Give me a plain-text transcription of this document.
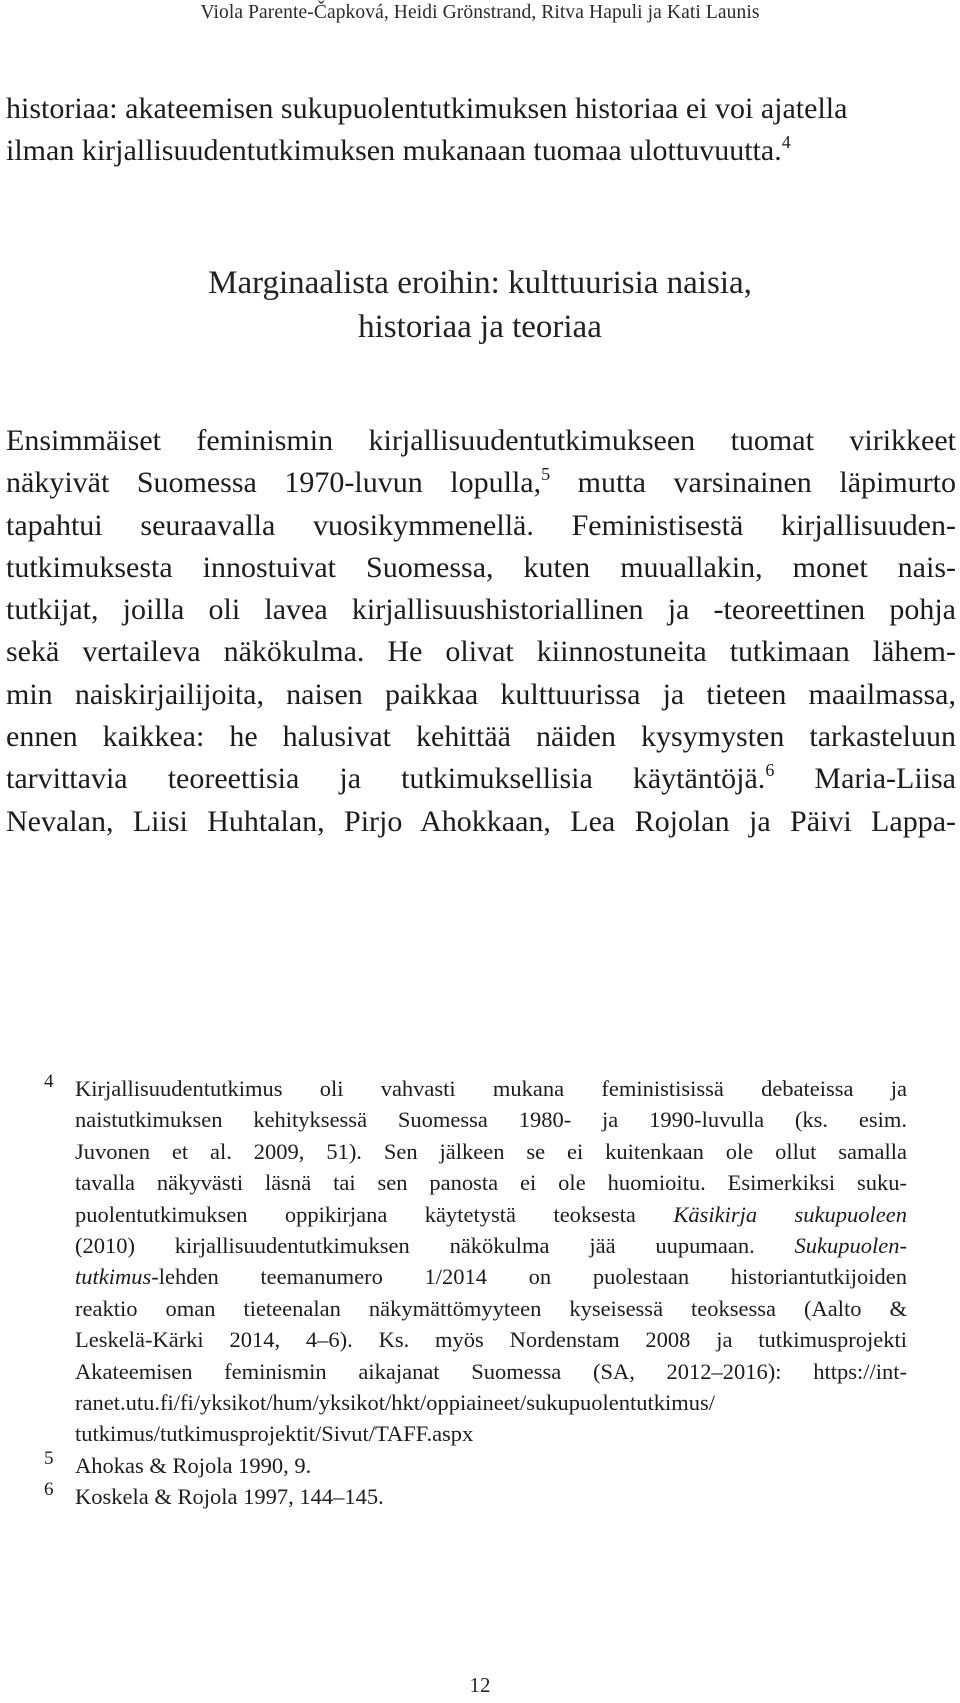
Viola Parente-Čapková, Heidi Grönstrand, Ritva Hapuli ja Kati Launis

historiaa: akateemisen sukupuolentutkimuksen historiaa ei voi ajatella
ilman kirjallisuudentutkimuksen mukanaan tuomaa ulottuvuutta.$^4$

Marginaalista eroihin: kulttuurisia naisia,
historiaa ja teoriaa

Ensimmäiset feminismin kirjallisuudentutkimukseen tuomat virikkeet
näkyivät Suomessa 1970-luvun lopulla,$^5$ mutta varsinainen läpimurto
tapahtui seuraavalla vuosikymmenellä. Feministisestä kirjallisuuden-
tutkimuksesta innostuivat Suomessa, kuten muuallakin, monet nais-
tutkijat, joilla oli lavea kirjallisuushistoriallinen ja -teoreettinen pohja
sekä vertaileva näkökulma. He olivat kiinnostuneita tutkimaan lähem-
min naiskirjailijoita, naisen paikkaa kulttuurissa ja tieteen maailmassa,
ennen kaikkea: he halusivat kehittää näiden kysymysten tarkasteluun
tarvittavia teoreettisia ja tutkimuksellisia käytäntöjä.$^6$ Maria-Liisa
Nevalan, Liisi Huhtalan, Pirjo Ahokkaan, Lea Rojolan ja Päivi Lappa-

4 Kirjallisuudentutkimus oli vahvasti mukana feministisissä debateissa ja
naistutkimuksen kehityksessä Suomessa 1980- ja 1990-luvulla (ks. esim.
Juvonen et al. 2009, 51). Sen jälkeen se ei kuitenkaan ole ollut samalla
tavalla näkyvästi läsnä tai sen panosta ei ole huomioitu. Esimerkiksi suku-
puolentutkimuksen oppikirjana käytetystä teoksesta Käsikirja sukupuoleen
(2010) kirjallisuudentutkimuksen näkökulma jää uupumaan. Sukupuolen-
tutkimus-lehden teemanumero 1/2014 on puolestaan historiantutkijoiden
reaktio oman tieteenalan näkymättömyyteen kyseisessä teoksessa (Aalto &
Leskelä-Kärki 2014, 4–6). Ks. myös Nordenstam 2008 ja tutkimusprojekti
Akateemisen feminismin aikajanat Suomessa (SA, 2012–2016): https://int-
ranet.utu.fi/fi/yksikot/hum/yksikot/hkt/oppiaineet/sukupuolentutkimus/
tutkimus/tutkimusprojektit/Sivut/TAFF.aspx
5 Ahokas & Rojola 1990, 9.
6 Koskela & Rojola 1997, 144–145.
12
